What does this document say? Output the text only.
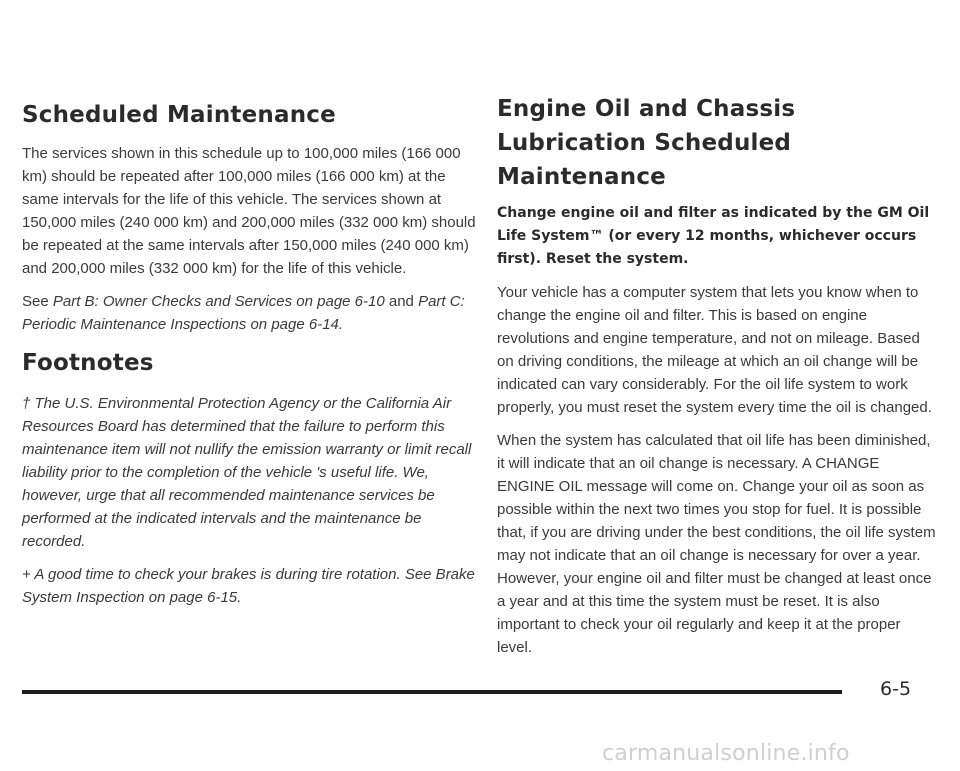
Scheduled Maintenance

The services shown in this schedule up to 100,000 miles (166 000 km) should be repeated after 100,000 miles (166 000 km) at the same intervals for the life of this vehicle. The services shown at 150,000 miles (240 000 km) and 200,000 miles (332 000 km) should be repeated at the same intervals after 150,000 miles (240 000 km) and 200,000 miles (332 000 km) for the life of this vehicle.

See Part B: Owner Checks and Services on page 6-10 and Part C: Periodic Maintenance Inspections on page 6-14.

Footnotes

† The U.S. Environmental Protection Agency or the California Air Resources Board has determined that the failure to perform this maintenance item will not nullify the emission warranty or limit recall liability prior to the completion of the vehicle 's useful life. We, however, urge that all recommended maintenance services be performed at the indicated intervals and the maintenance be recorded.

+ A good time to check your brakes is during tire rotation. See Brake System Inspection on page 6-15.

Engine Oil and Chassis Lubrication Scheduled Maintenance

Change engine oil and filter as indicated by the GM Oil Life System™ (or every 12 months, whichever occurs first). Reset the system.

Your vehicle has a computer system that lets you know when to change the engine oil and filter. This is based on engine revolutions and engine temperature, and not on mileage. Based on driving conditions, the mileage at which an oil change will be indicated can vary considerably. For the oil life system to work properly, you must reset the system every time the oil is changed.

When the system has calculated that oil life has been diminished, it will indicate that an oil change is necessary. A CHANGE ENGINE OIL message will come on. Change your oil as soon as possible within the next two times you stop for fuel. It is possible that, if you are driving under the best conditions, the oil life system may not indicate that an oil change is necessary for over a year. However, your engine oil and filter must be changed at least once a year and at this time the system must be reset. It is also important to check your oil regularly and keep it at the proper level.

6-5
carmanualsonline.info
